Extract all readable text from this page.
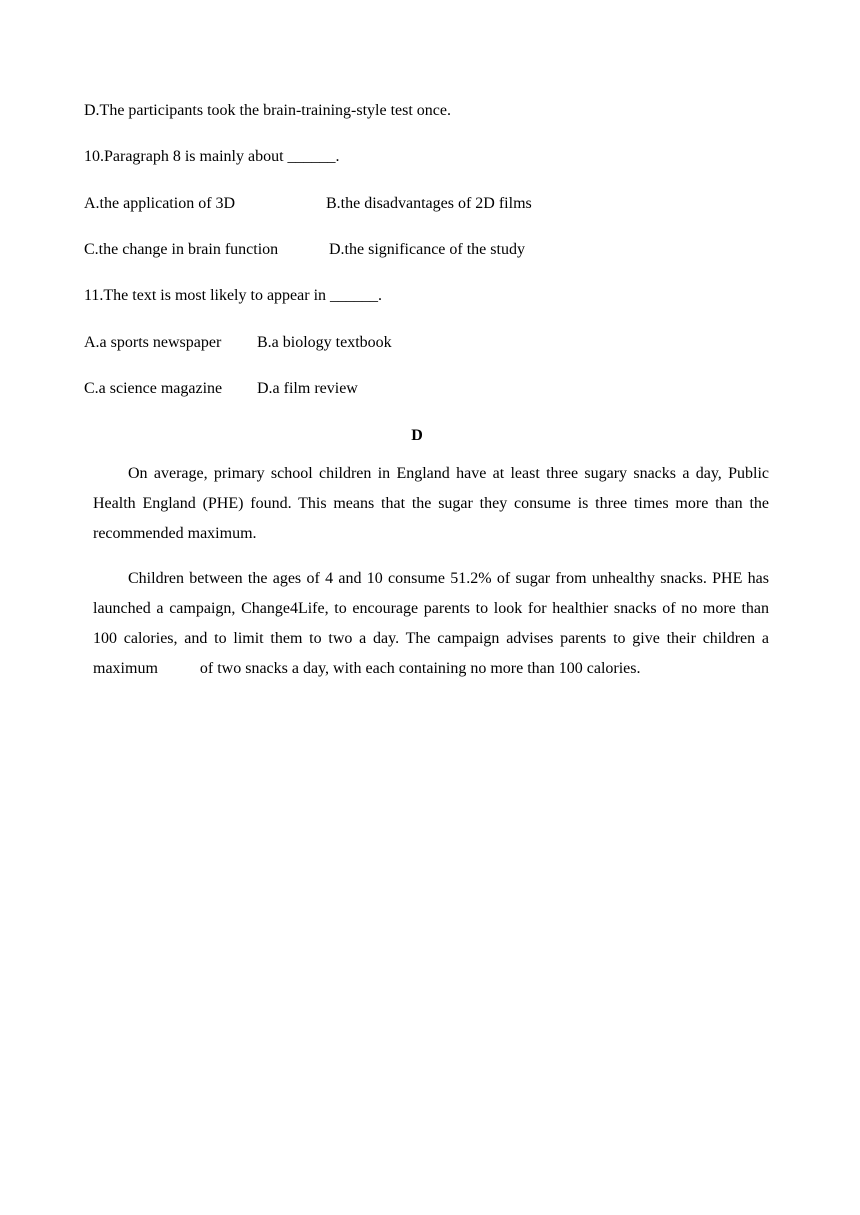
D.The participants took the brain-training-style test once.
10.Paragraph 8 is mainly about ______.
A.the application of 3D	B.the disadvantages of 2D films
C.the change in brain function	D.the significance of the study
11.The text is most likely to appear in ______.
A.a sports newspaper B.a biology textbook
C.a science magazine D.a film review
D
On average, primary school children in England have at least three sugary snacks a day, Public Health England (PHE) found. This means that the sugar they consume is three times more than the recommended maximum.
Children between the ages of 4 and 10 consume 51.2% of sugar from unhealthy snacks. PHE has launched a campaign, Change4Life, to encourage parents to look for healthier snacks of no more than 100 calories, and to limit them to two a day. The campaign advises parents to give their children a maximum	of two snacks a day, with each containing no more than 100 calories.
